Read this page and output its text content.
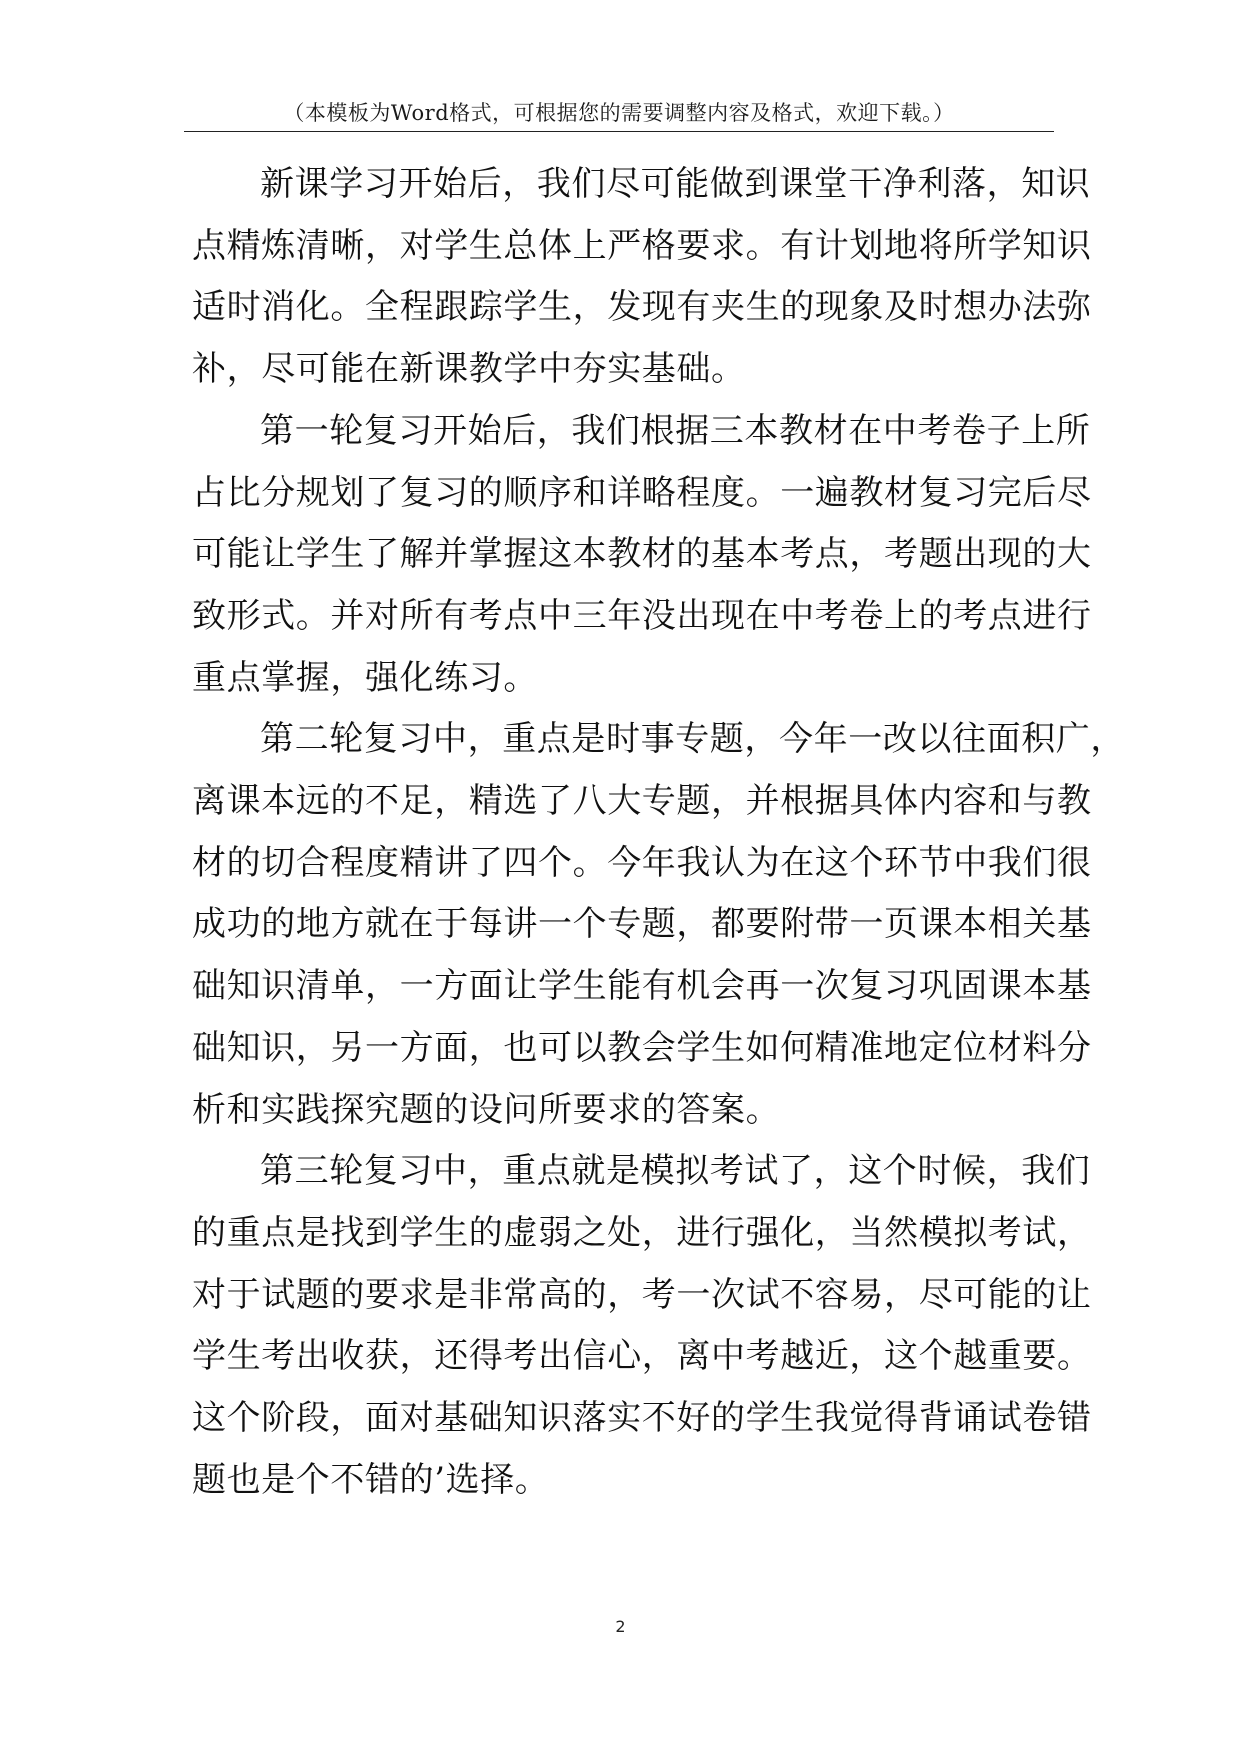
（本模板为Word格式，可根据您的需要调整内容及格式，欢迎下载。）

新课学习开始后，我们尽可能做到课堂干净利落，知识
点精炼清晰，对学生总体上严格要求。有计划地将所学知识
适时消化。全程跟踪学生，发现有夹生的现象及时想办法弥
补，尽可能在新课教学中夯实基础。

第一轮复习开始后，我们根据三本教材在中考卷子上所
占比分规划了复习的顺序和详略程度。一遍教材复习完后尽
可能让学生了解并掌握这本教材的基本考点，考题出现的大
致形式。并对所有考点中三年没出现在中考卷上的考点进行
重点掌握，强化练习。

第二轮复习中，重点是时事专题，今年一改以往面积广，
离课本远的不足，精选了八大专题，并根据具体内容和与教
材的切合程度精讲了四个。今年我认为在这个环节中我们很
成功的地方就在于每讲一个专题，都要附带一页课本相关基
础知识清单，一方面让学生能有机会再一次复习巩固课本基
础知识，另一方面，也可以教会学生如何精准地定位材料分
析和实践探究题的设问所要求的答案。

第三轮复习中，重点就是模拟考试了，这个时候，我们
的重点是找到学生的虚弱之处，进行强化，当然模拟考试，
对于试题的要求是非常高的，考一次试不容易，尽可能的让
学生考出收获，还得考出信心，离中考越近，这个越重要。
这个阶段，面对基础知识落实不好的学生我觉得背诵试卷错
题也是个不错的’选择。

2
